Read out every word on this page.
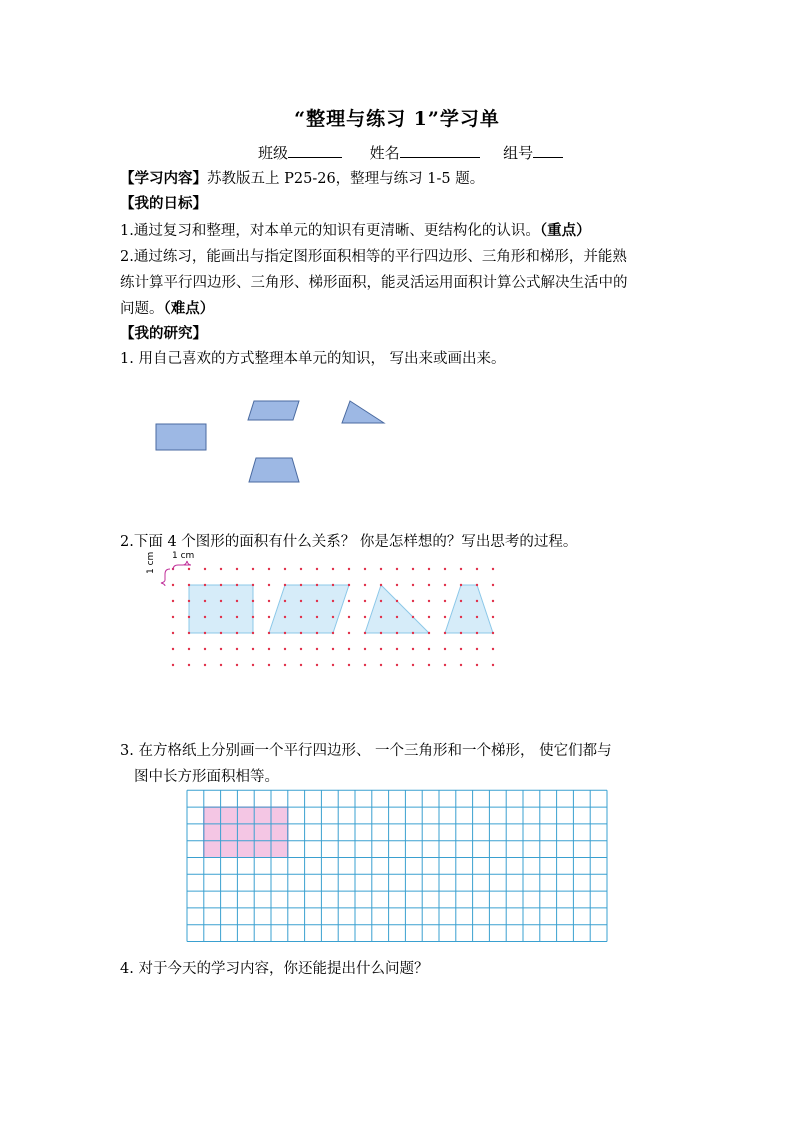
“整理与练习 1”学习单
班级	姓名	组号
【学习内容】苏教版五上 P25-26，整理与练习 1-5 题。
【我的日标】
1.通过复习和整理，对本单元的知识有更清晰、更结构化的认识。（重点）
2.通过练习，能画出与指定图形面积相等的平行四边形、三角形和梯形，并能熟
练计算平行四边形、三角形、梯形面积，能灵活运用面积计算公式解决生活中的
问题。（难点）
【我的研究】
1. 用自己喜欢的方式整理本单元的知识， 写出来或画出来。
2.下面 4 个图形的面积有什么关系？ 你是怎样想的？写出思考的过程。
1 cm
1 cm
3. 在方格纸上分别画一个平行四边形、 一个三角形和一个梯形， 使它们都与
图中长方形面积相等。
4. 对于今天的学习内容，你还能提出什么问题？
